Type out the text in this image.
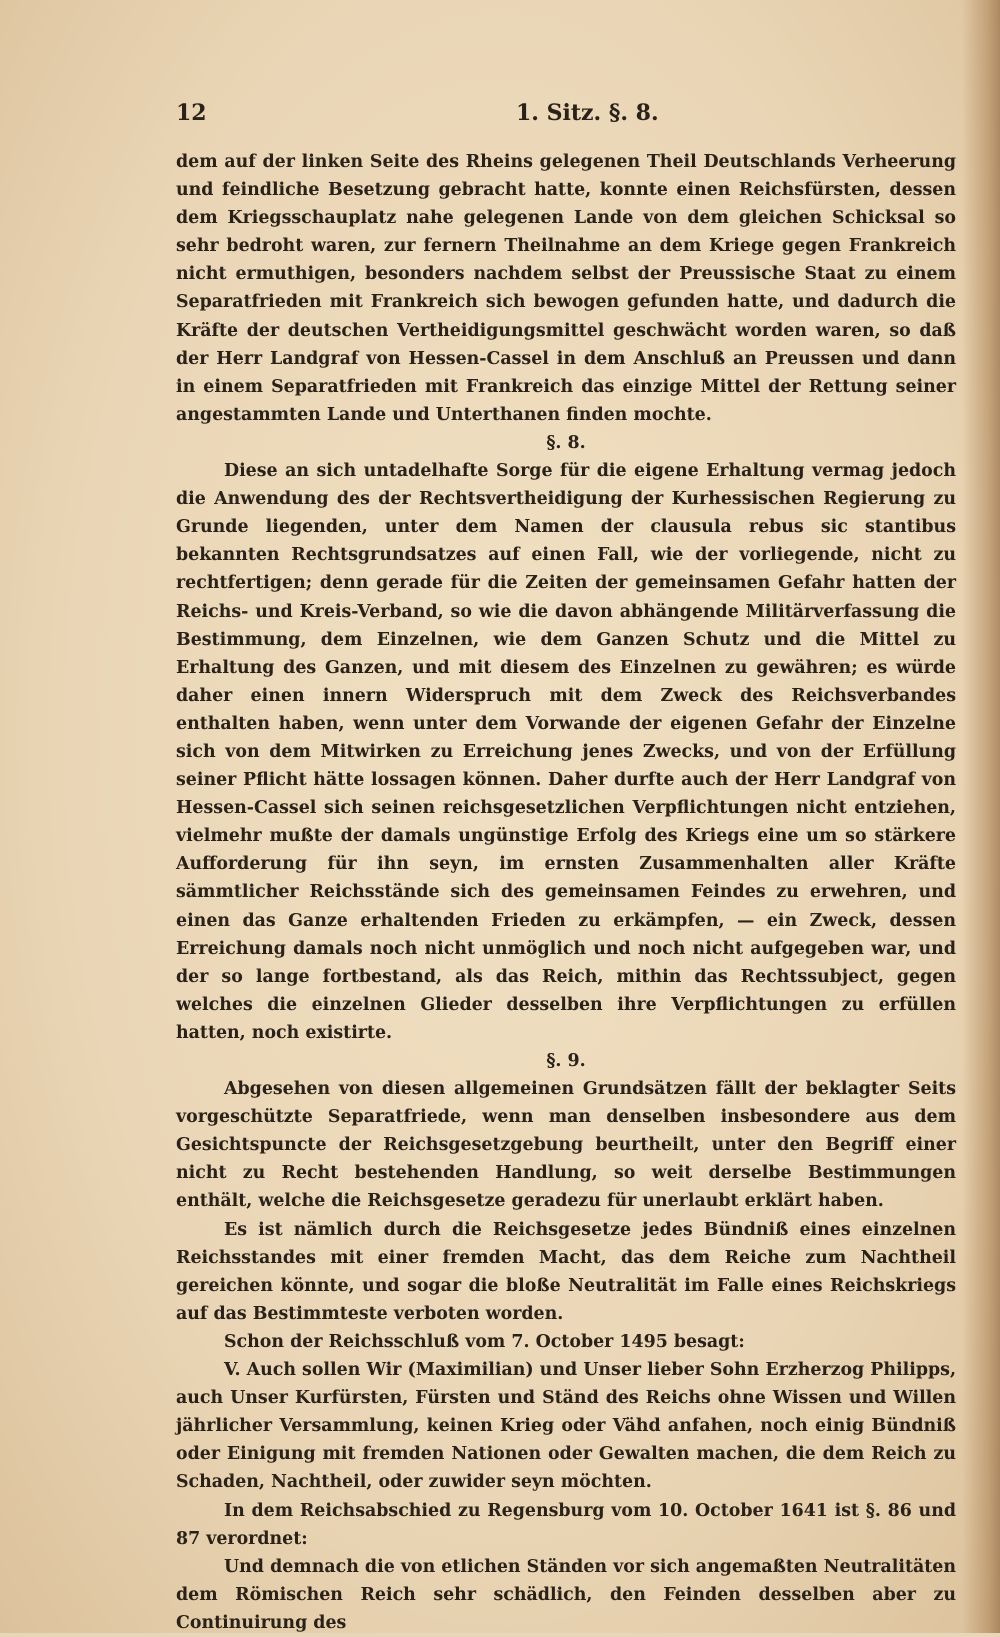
12	1. Sitz. §. 8.

dem auf der linken Seite des Rheins gelegenen Theil Deutschlands Verheerung und feindliche Besetzung gebracht hatte, konnte einen Reichsfürsten, dessen dem Kriegsschauplatz nahe gelegenen Lande von dem gleichen Schicksal so sehr bedroht waren, zur fernern Theilnahme an dem Kriege gegen Frankreich nicht ermuthigen, besonders nachdem selbst der Preussische Staat zu einem Separatfrieden mit Frankreich sich bewogen gefunden hatte, und dadurch die Kräfte der deutschen Vertheidigungsmittel geschwächt worden waren, so daß der Herr Landgraf von Hessen-Cassel in dem Anschluß an Preussen und dann in einem Separatfrieden mit Frankreich das einzige Mittel der Rettung seiner angestammten Lande und Unterthanen finden mochte.

§. 8.

Diese an sich untadelhafte Sorge für die eigene Erhaltung vermag jedoch die Anwendung des der Rechtsvertheidigung der Kurhessischen Regierung zu Grunde liegenden, unter dem Namen der clausula rebus sic stantibus bekannten Rechtsgrundsatzes auf einen Fall, wie der vorliegende, nicht zu rechtfertigen; denn gerade für die Zeiten der gemeinsamen Gefahr hatten der Reichs- und Kreis-Verband, so wie die davon abhängende Militärverfassung die Bestimmung, dem Einzelnen, wie dem Ganzen Schutz und die Mittel zu Erhaltung des Ganzen, und mit diesem des Einzelnen zu gewähren; es würde daher einen innern Widerspruch mit dem Zweck des Reichsverbandes enthalten haben, wenn unter dem Vorwande der eigenen Gefahr der Einzelne sich von dem Mitwirken zu Erreichung jenes Zwecks, und von der Erfüllung seiner Pflicht hätte lossagen können. Daher durfte auch der Herr Landgraf von Hessen-Cassel sich seinen reichsgesetzlichen Verpflichtungen nicht entziehen, vielmehr mußte der damals ungünstige Erfolg des Kriegs eine um so stärkere Aufforderung für ihn seyn, im ernsten Zusammenhalten aller Kräfte sämmtlicher Reichsstände sich des gemeinsamen Feindes zu erwehren, und einen das Ganze erhaltenden Frieden zu erkämpfen, — ein Zweck, dessen Erreichung damals noch nicht unmöglich und noch nicht aufgegeben war, und der so lange fortbestand, als das Reich, mithin das Rechtssubject, gegen welches die einzelnen Glieder desselben ihre Verpflichtungen zu erfüllen hatten, noch existirte.

§. 9.

Abgesehen von diesen allgemeinen Grundsätzen fällt der beklagter Seits vorgeschützte Separatfriede, wenn man denselben insbesondere aus dem Gesichtspuncte der Reichsgesetzgebung beurtheilt, unter den Begriff einer nicht zu Recht bestehenden Handlung, so weit derselbe Bestimmungen enthält, welche die Reichsgesetze geradezu für unerlaubt erklärt haben.

Es ist nämlich durch die Reichsgesetze jedes Bündniß eines einzelnen Reichsstandes mit einer fremden Macht, das dem Reiche zum Nachtheil gereichen könnte, und sogar die bloße Neutralität im Falle eines Reichskriegs auf das Bestimmteste verboten worden.

Schon der Reichsschluß vom 7. October 1495 besagt:

V. Auch sollen Wir (Maximilian) und Unser lieber Sohn Erzherzog Philipps, auch Unser Kurfürsten, Fürsten und Ständ des Reichs ohne Wissen und Willen jährlicher Versammlung, keinen Krieg oder Vähd anfahen, noch einig Bündniß oder Einigung mit fremden Nationen oder Gewalten machen, die dem Reich zu Schaden, Nachtheil, oder zuwider seyn möchten.

In dem Reichsabschied zu Regensburg vom 10. October 1641 ist §. 86 und 87 verordnet:

Und demnach die von etlichen Ständen vor sich angemaßten Neutralitäten dem Römischen Reich sehr schädlich, den Feinden desselben aber zu Continuirung des
